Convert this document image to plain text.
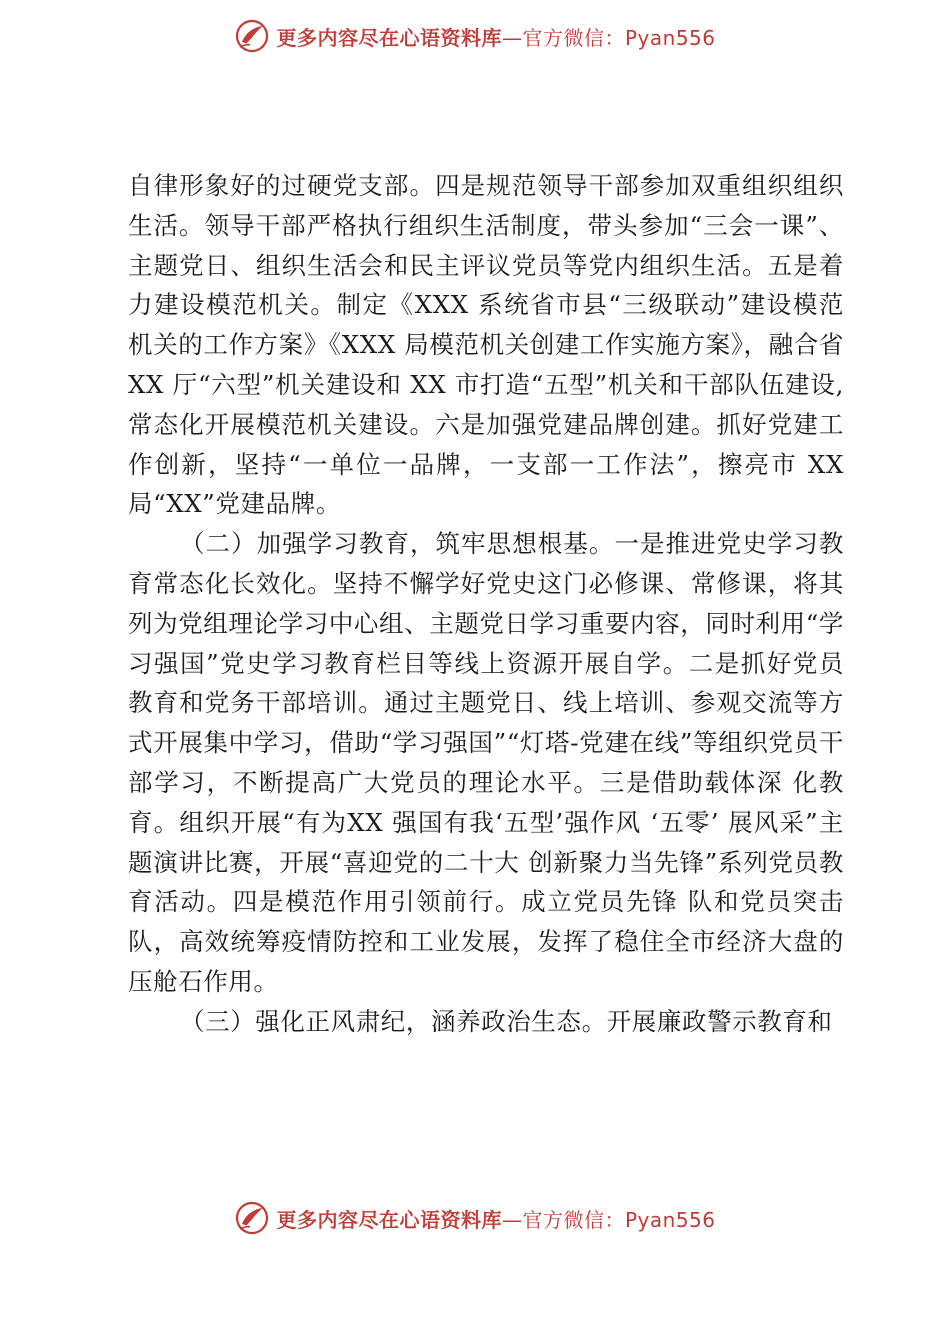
更多内容尽在心语资料库—官方微信：Pyan556

自律形象好的过硬党支部。四是规范领导干部参加双重组织组织生活。领导干部严格执行组织生活制度，带头参加“三会一课”、主题党日、组织生活会和民主评议党员等党内组织生活。五是着力建设模范机关。制定《XXX 系统省市县“三级联动”建设模范机关的工作方案》《XXX 局模范机关创建工作实施方案》，融合省 XX 厅“六型”机关建设和 XX 市打造“五型”机关和干部队伍建设,常态化开展模范机关建设。六是加强党建品牌创建。抓好党建工作创新，坚持“一单位一品牌，一支部一工作法”，擦亮市 XX 局“XX”党建品牌。

（二）加强学习教育，筑牢思想根基。一是推进党史学习教育常态化长效化。坚持不懈学好党史这门必修课、常修课，将其列为党组理论学习中心组、主题党日学习重要内容，同时利用“学习强国”党史学习教育栏目等线上资源开展自学。二是抓好党员 教育和党务干部培训。通过主题党日、线上培训、参观交流等方式开展集中学习，借助“学习强国”“灯塔-党建在线”等组织党员干部学习，不断提高广大党员的理论水平。三是借助载体深 化教育。组织开展“有为XX 强国有我‘五型’强作风 ‘五零’ 展风采”主题演讲比赛，开展“喜迎党的二十大 创新聚力当先锋”系列党员教育活动。四是模范作用引领前行。成立党员先锋 队和党员突击队，高效统筹疫情防控和工业发展，发挥了稳住全市经济大盘的压舱石作用。

（三）强化正风肃纪，涵养政治生态。开展廉政警示教育和

更多内容尽在心语资料库—官方微信：Pyan556
